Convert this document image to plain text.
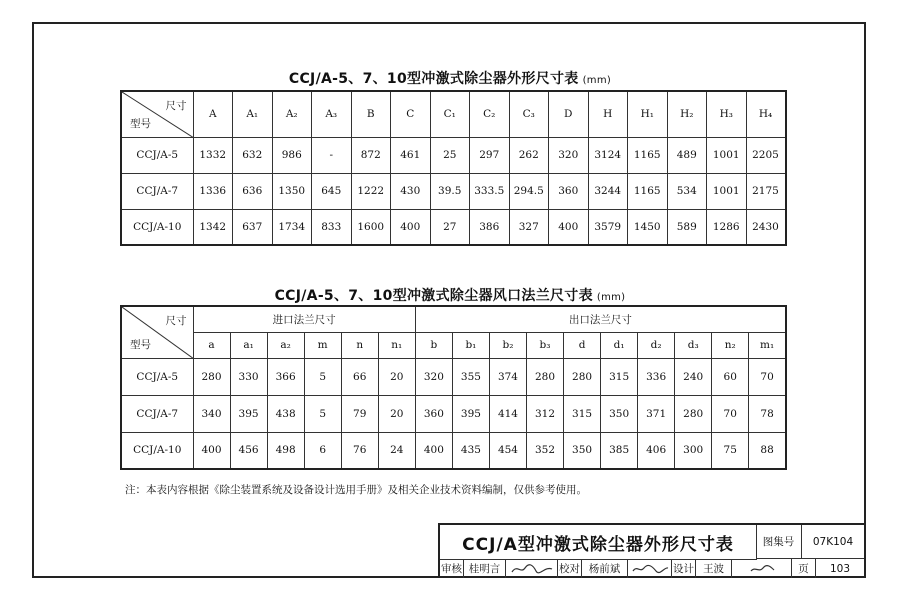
CCJ/A-5、7、10型冲激式除尘器外形尺寸表 (mm)
尺寸
型号	A	A₁	A₂	A₃	B	C	C₁	C₂	C₃	D	H	H₁	H₂	H₃	H₄
CCJ/A-5	1332	632	986	-	872	461	25	297	262	320	3124	1165	489	1001	2205
CCJ/A-7	1336	636	1350	645	1222	430	39.5	333.5	294.5	360	3244	1165	534	1001	2175
CCJ/A-10	1342	637	1734	833	1600	400	27	386	327	400	3579	1450	589	1286	2430
CCJ/A-5、7、10型冲激式除尘器风口法兰尺寸表 (mm)
尺寸
型号	进口法兰尺寸						出口法兰尺寸									
	a	a₁	a₂	m	n	n₁	b	b₁	b₂	b₃	d	d₁	d₂	d₃	n₂	m₁
CCJ/A-5	280	330	366	5	66	20	320	355	374	280	280	315	336	240	60	70
CCJ/A-7	340	395	438	5	79	20	360	395	414	312	315	350	371	280	70	78
CCJ/A-10	400	456	498	6	76	24	400	435	454	352	350	385	406	300	75	88
注：本表内容根据《除尘装置系统及设备设计选用手册》及相关企业技术资料编制，仅供参考使用。
CCJ/A型冲激式除尘器外形尺寸表	图集号	07K104
审核 桂明言	校对 杨前斌	设计 王波	页	103
